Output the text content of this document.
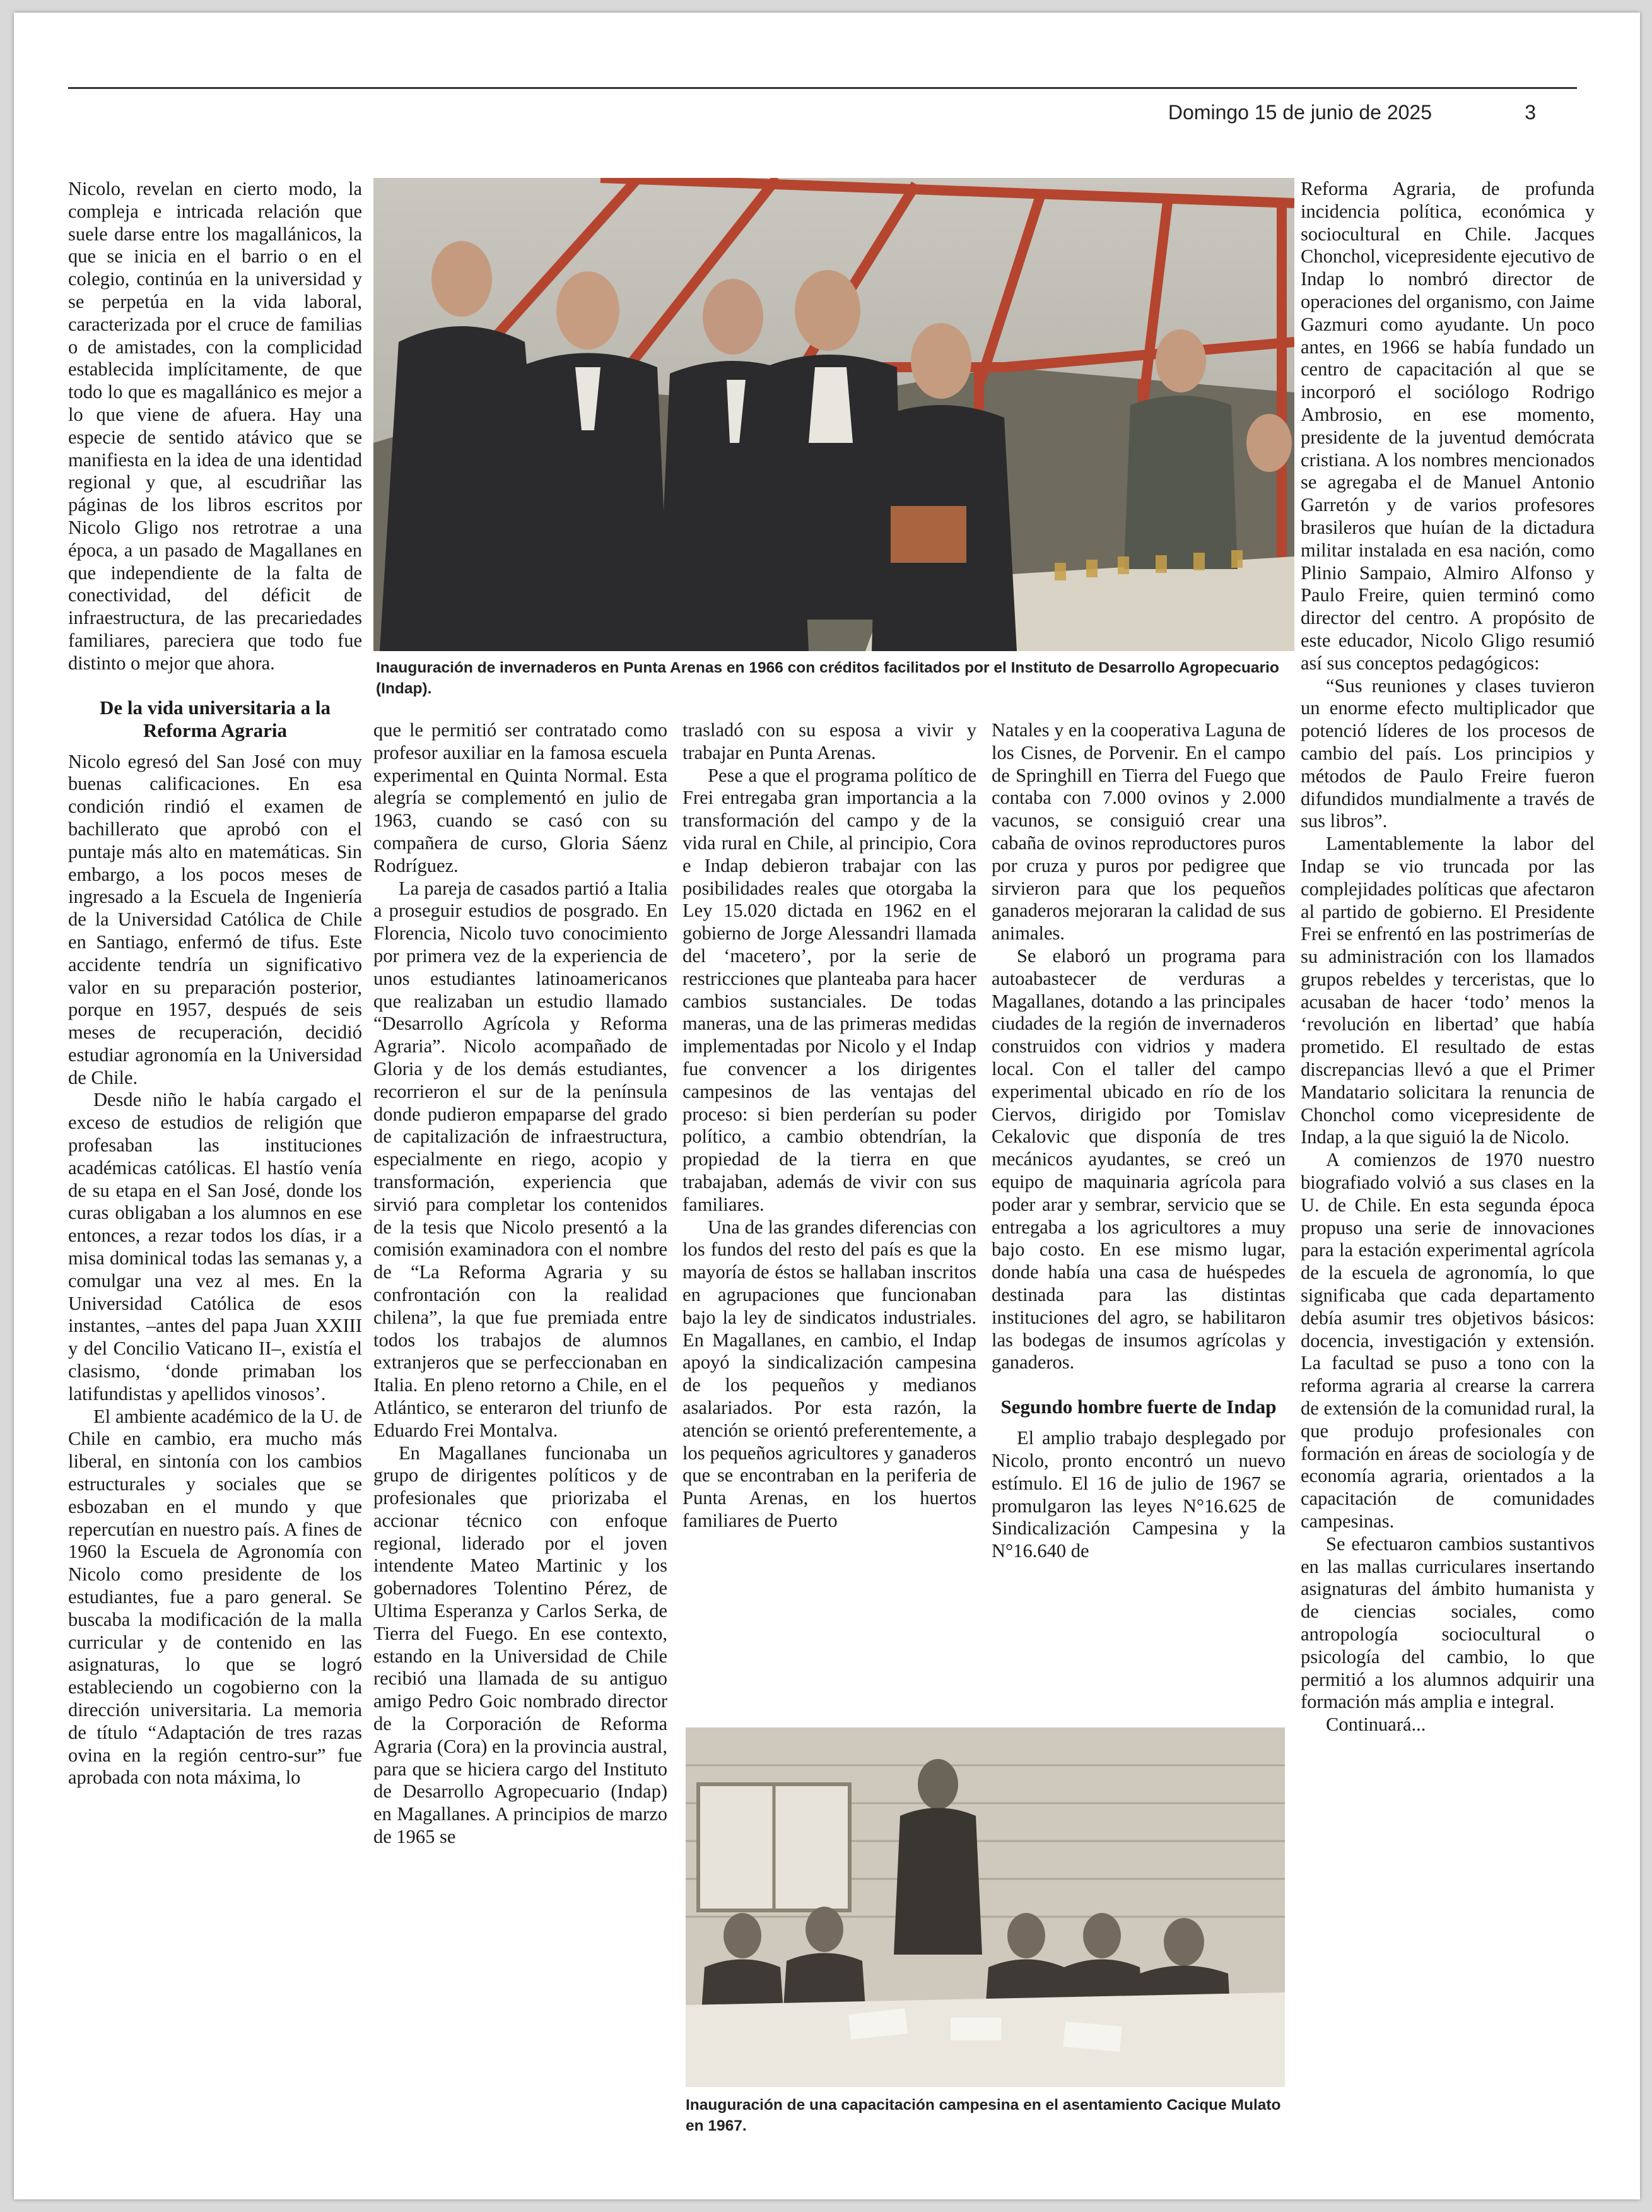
Domingo 15 de junio de 2025	3

Nicolo, revelan en cierto modo, la compleja e intricada relación que suele darse entre los magallánicos, la que se inicia en el barrio o en el colegio, continúa en la universidad y se perpetúa en la vida laboral, caracterizada por el cruce de familias o de amistades, con la complicidad establecida implícitamente, de que todo lo que es magallánico es mejor a lo que viene de afuera. Hay una especie de sentido atávico que se manifiesta en la idea de una identidad regional y que, al escudriñar las páginas de los libros escritos por Nicolo Gligo nos retrotrae a una época, a un pasado de Magallanes en que independiente de la falta de conectividad, del déficit de infraestructura, de las precariedades familiares, pareciera que todo fue distinto o mejor que ahora.

De la vida universitaria a la Reforma Agraria

Nicolo egresó del San José con muy buenas calificaciones. En esa condición rindió el examen de bachillerato que aprobó con el puntaje más alto en matemáticas. Sin embargo, a los pocos meses de ingresado a la Escuela de Ingeniería de la Universidad Católica de Chile en Santiago, enfermó de tifus. Este accidente tendría un significativo valor en su preparación posterior, porque en 1957, después de seis meses de recuperación, decidió estudiar agronomía en la Universidad de Chile.

Desde niño le había cargado el exceso de estudios de religión que profesaban las instituciones académicas católicas. El hastío venía de su etapa en el San José, donde los curas obligaban a los alumnos en ese entonces, a rezar todos los días, ir a misa dominical todas las semanas y, a comulgar una vez al mes. En la Universidad Católica de esos instantes, –antes del papa Juan XXIII y del Concilio Vaticano II–, existía el clasismo, ‘donde primaban los latifundistas y apellidos vinosos’.

El ambiente académico de la U. de Chile en cambio, era mucho más liberal, en sintonía con los cambios estructurales y sociales que se esbozaban en el mundo y que repercutían en nuestro país. A fines de 1960 la Escuela de Agronomía con Nicolo como presidente de los estudiantes, fue a paro general. Se buscaba la modificación de la malla curricular y de contenido en las asignaturas, lo que se logró estableciendo un cogobierno con la dirección universitaria. La memoria de título “Adaptación de tres razas ovina en la región centro-sur” fue aprobada con nota máxima, lo

Inauguración de invernaderos en Punta Arenas en 1966 con créditos facilitados por el Instituto de Desarrollo Agropecuario (Indap).

que le permitió ser contratado como profesor auxiliar en la famosa escuela experimental en Quinta Normal. Esta alegría se complementó en julio de 1963, cuando se casó con su compañera de curso, Gloria Sáenz Rodríguez.

La pareja de casados partió a Italia a proseguir estudios de posgrado. En Florencia, Nicolo tuvo conocimiento por primera vez de la experiencia de unos estudiantes latinoamericanos que realizaban un estudio llamado “Desarrollo Agrícola y Reforma Agraria”. Nicolo acompañado de Gloria y de los demás estudiantes, recorrieron el sur de la península donde pudieron empaparse del grado de capitalización de infraestructura, especialmente en riego, acopio y transformación, experiencia que sirvió para completar los contenidos de la tesis que Nicolo presentó a la comisión examinadora con el nombre de “La Reforma Agraria y su confrontación con la realidad chilena”, la que fue premiada entre todos los trabajos de alumnos extranjeros que se perfeccionaban en Italia. En pleno retorno a Chile, en el Atlántico, se enteraron del triunfo de Eduardo Frei Montalva.

En Magallanes funcionaba un grupo de dirigentes políticos y de profesionales que priorizaba el accionar técnico con enfoque regional, liderado por el joven intendente Mateo Martinic y los gobernadores Tolentino Pérez, de Ultima Esperanza y Carlos Serka, de Tierra del Fuego. En ese contexto, estando en la Universidad de Chile recibió una llamada de su antiguo amigo Pedro Goic nombrado director de la Corporación de Reforma Agraria (Cora) en la provincia austral, para que se hiciera cargo del Instituto de Desarrollo Agropecuario (Indap) en Magallanes. A principios de marzo de 1965 se

trasladó con su esposa a vivir y trabajar en Punta Arenas.

Pese a que el programa político de Frei entregaba gran importancia a la transformación del campo y de la vida rural en Chile, al principio, Cora e Indap debieron trabajar con las posibilidades reales que otorgaba la Ley 15.020 dictada en 1962 en el gobierno de Jorge Alessandri llamada del ‘macetero’, por la serie de restricciones que planteaba para hacer cambios sustanciales. De todas maneras, una de las primeras medidas implementadas por Nicolo y el Indap fue convencer a los dirigentes campesinos de las ventajas del proceso: si bien perderían su poder político, a cambio obtendrían, la propiedad de la tierra en que trabajaban, además de vivir con sus familiares.

Una de las grandes diferencias con los fundos del resto del país es que la mayoría de éstos se hallaban inscritos en agrupaciones que funcionaban bajo la ley de sindicatos industriales. En Magallanes, en cambio, el Indap apoyó la sindicalización campesina de los pequeños y medianos asalariados. Por esta razón, la atención se orientó preferentemente, a los pequeños agricultores y ganaderos que se encontraban en la periferia de Punta Arenas, en los huertos familiares de Puerto

Natales y en la cooperativa Laguna de los Cisnes, de Porvenir. En el campo de Springhill en Tierra del Fuego que contaba con 7.000 ovinos y 2.000 vacunos, se consiguió crear una cabaña de ovinos reproductores puros por cruza y puros por pedigree que sirvieron para que los pequeños ganaderos mejoraran la calidad de sus animales.

Se elaboró un programa para autoabastecer de verduras a Magallanes, dotando a las principales ciudades de la región de invernaderos construidos con vidrios y madera local. Con el taller del campo experimental ubicado en río de los Ciervos, dirigido por Tomislav Cekalovic que disponía de tres mecánicos ayudantes, se creó un equipo de maquinaria agrícola para poder arar y sembrar, servicio que se entregaba a los agricultores a muy bajo costo. En ese mismo lugar, donde había una casa de huéspedes destinada para las distintas instituciones del agro, se habilitaron las bodegas de insumos agrícolas y ganaderos.

Segundo hombre fuerte de Indap

El amplio trabajo desplegado por Nicolo, pronto encontró un nuevo estímulo. El 16 de julio de 1967 se promulgaron las leyes N°16.625 de Sindicalización Campesina y la N°16.640 de

Inauguración de una capacitación campesina en el asentamiento Cacique Mulato en 1967.

Reforma Agraria, de profunda incidencia política, económica y sociocultural en Chile. Jacques Chonchol, vicepresidente ejecutivo de Indap lo nombró director de operaciones del organismo, con Jaime Gazmuri como ayudante. Un poco antes, en 1966 se había fundado un centro de capacitación al que se incorporó el sociólogo Rodrigo Ambrosio, en ese momento, presidente de la juventud demócrata cristiana. A los nombres mencionados se agregaba el de Manuel Antonio Garretón y de varios profesores brasileros que huían de la dictadura militar instalada en esa nación, como Plinio Sampaio, Almiro Alfonso y Paulo Freire, quien terminó como director del centro. A propósito de este educador, Nicolo Gligo resumió así sus conceptos pedagógicos:

“Sus reuniones y clases tuvieron un enorme efecto multiplicador que potenció líderes de los procesos de cambio del país. Los principios y métodos de Paulo Freire fueron difundidos mundialmente a través de sus libros”.

Lamentablemente la labor del Indap se vio truncada por las complejidades políticas que afectaron al partido de gobierno. El Presidente Frei se enfrentó en las postrimerías de su administración con los llamados grupos rebeldes y terceristas, que lo acusaban de hacer ‘todo’ menos la ‘revolución en libertad’ que había prometido. El resultado de estas discrepancias llevó a que el Primer Mandatario solicitara la renuncia de Chonchol como vicepresidente de Indap, a la que siguió la de Nicolo.

A comienzos de 1970 nuestro biografiado volvió a sus clases en la U. de Chile. En esta segunda época propuso una serie de innovaciones para la estación experimental agrícola de la escuela de agronomía, lo que significaba que cada departamento debía asumir tres objetivos básicos: docencia, investigación y extensión. La facultad se puso a tono con la reforma agraria al crearse la carrera de extensión de la comunidad rural, la que produjo profesionales con formación en áreas de sociología y de economía agraria, orientados a la capacitación de comunidades campesinas.

Se efectuaron cambios sustantivos en las mallas curriculares insertando asignaturas del ámbito humanista y de ciencias sociales, como antropología sociocultural o psicología del cambio, lo que permitió a los alumnos adquirir una formación más amplia e integral.

Continuará...
